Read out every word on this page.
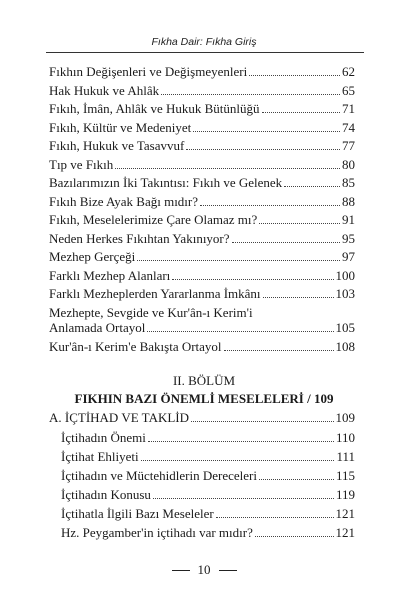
Fıkha Dair: Fıkha Giriş
Fıkhın Değişenleri ve Değişmeyenleri	62
Hak Hukuk ve Ahlâk	65
Fıkıh, İmân, Ahlâk ve Hukuk Bütünlüğü	71
Fıkıh, Kültür ve Medeniyet	74
Fıkıh, Hukuk ve Tasavvuf	77
Tıp ve Fıkıh	80
Bazılarımızın İki Takıntısı: Fıkıh ve Gelenek	85
Fıkıh Bize Ayak Bağı mıdır?	88
Fıkıh, Meselelerimize Çare Olamaz mı?	91
Neden Herkes Fıkıhtan Yakınıyor?	95
Mezhep Gerçeği	97
Farklı Mezhep Alanları	100
Farklı Mezheplerden Yararlanma İmkânı	103
Mezhepte, Sevgide ve Kur'ân-ı Kerim'i
Anlamada Ortayol	105
Kur'ân-ı Kerim'e Bakışta Ortayol	108
II. BÖLÜM
FIKHIN BAZI ÖNEMLİ MESELELERİ / 109
A. İÇTİHAD VE TAKLİD	109
İçtihadın Önemi	110
İçtihat Ehliyeti	111
İçtihadın ve Müctehidlerin Dereceleri	115
İçtihadın Konusu	119
İçtihatla İlgili Bazı Meseleler	121
Hz. Peygamber'in içtihadı var mıdır?	121
10
